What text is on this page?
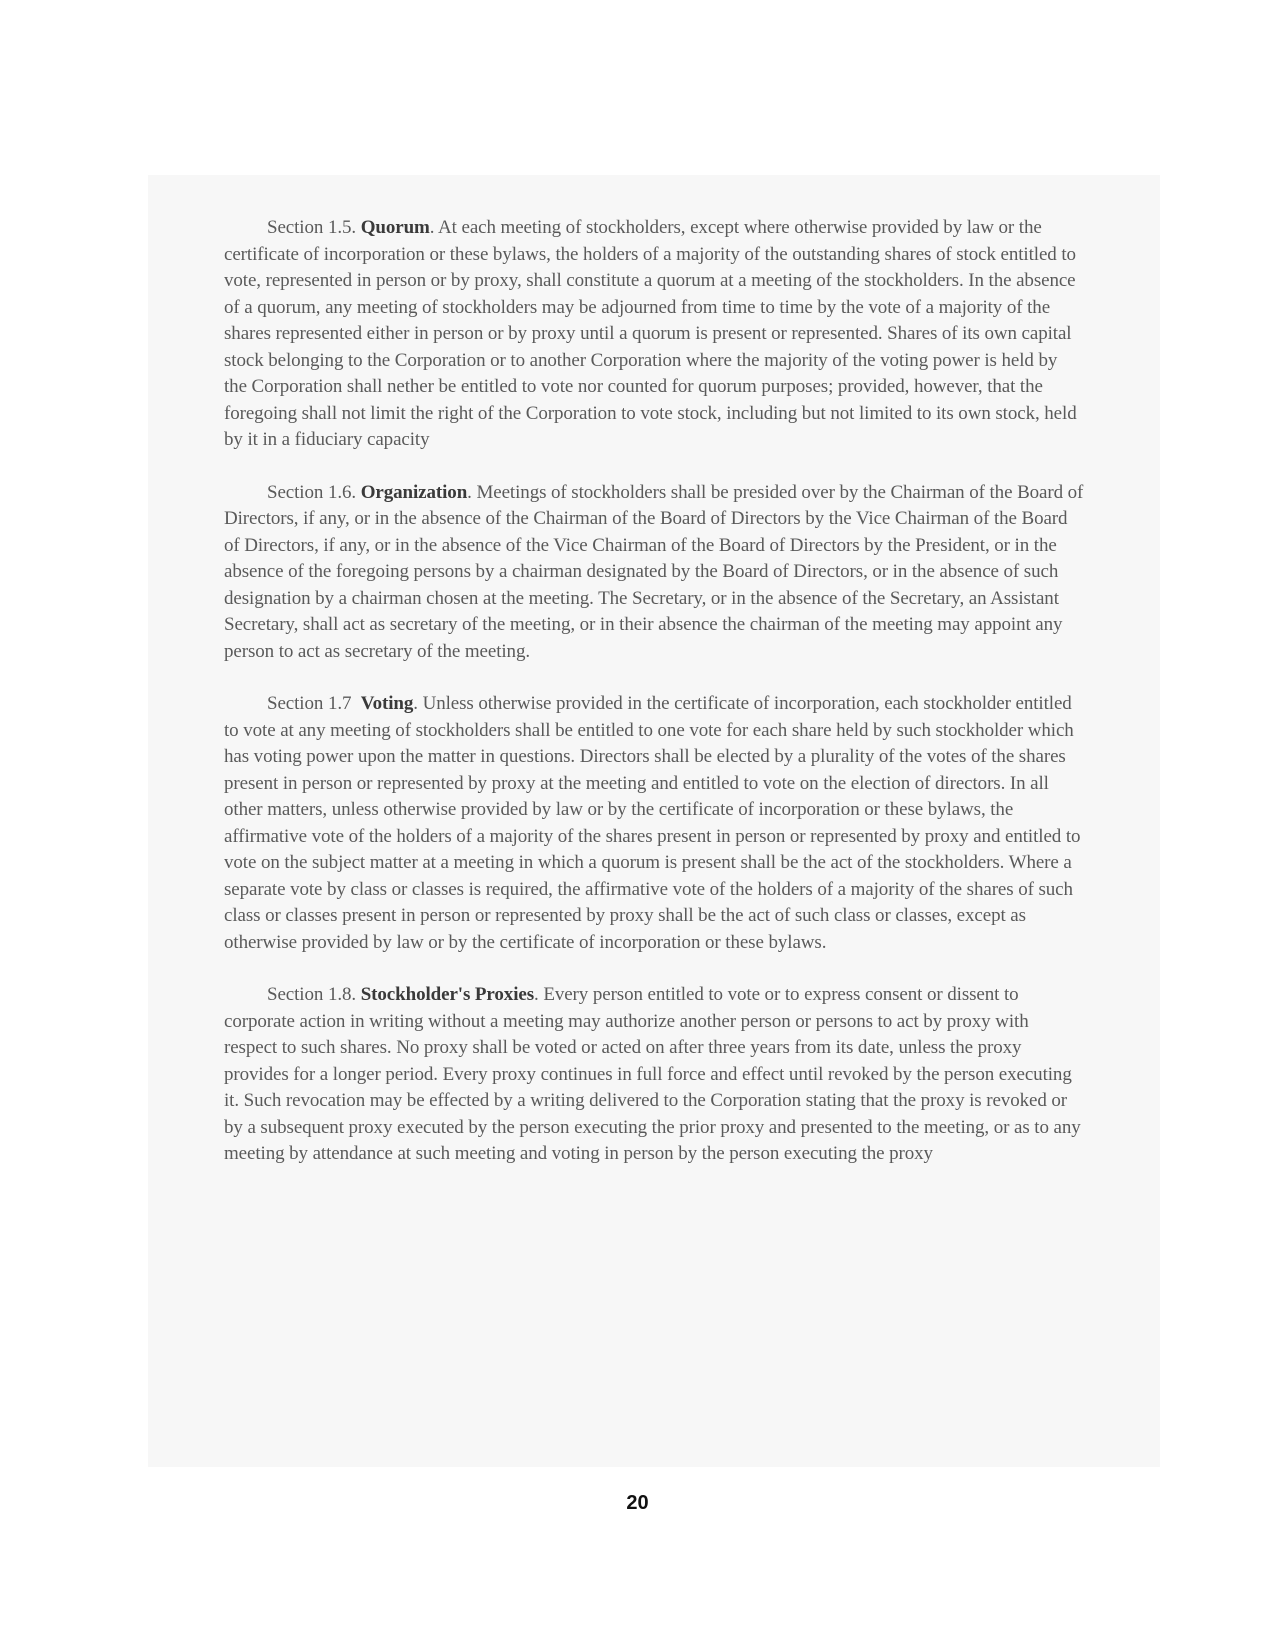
Section 1.5. Quorum. At each meeting of stockholders, except where otherwise provided by law or the certificate of incorporation or these bylaws, the holders of a majority of the outstanding shares of stock entitled to vote, represented in person or by proxy, shall constitute a quorum at a meeting of the stockholders. In the absence of a quorum, any meeting of stockholders may be adjourned from time to time by the vote of a majority of the shares represented either in person or by proxy until a quorum is present or represented. Shares of its own capital stock belonging to the Corporation or to another Corporation where the majority of the voting power is held by the Corporation shall nether be entitled to vote nor counted for quorum purposes; provided, however, that the foregoing shall not limit the right of the Corporation to vote stock, including but not limited to its own stock, held by it in a fiduciary capacity

Section 1.6. Organization. Meetings of stockholders shall be presided over by the Chairman of the Board of Directors, if any, or in the absence of the Chairman of the Board of Directors by the Vice Chairman of the Board of Directors, if any, or in the absence of the Vice Chairman of the Board of Directors by the President, or in the absence of the foregoing persons by a chairman designated by the Board of Directors, or in the absence of such designation by a chairman chosen at the meeting. The Secretary, or in the absence of the Secretary, an Assistant Secretary, shall act as secretary of the meeting, or in their absence the chairman of the meeting may appoint any person to act as secretary of the meeting.

Section 1.7 Voting. Unless otherwise provided in the certificate of incorporation, each stockholder entitled to vote at any meeting of stockholders shall be entitled to one vote for each share held by such stockholder which has voting power upon the matter in questions. Directors shall be elected by a plurality of the votes of the shares present in person or represented by proxy at the meeting and entitled to vote on the election of directors. In all other matters, unless otherwise provided by law or by the certificate of incorporation or these bylaws, the affirmative vote of the holders of a majority of the shares present in person or represented by proxy and entitled to vote on the subject matter at a meeting in which a quorum is present shall be the act of the stockholders. Where a separate vote by class or classes is required, the affirmative vote of the holders of a majority of the shares of such class or classes present in person or represented by proxy shall be the act of such class or classes, except as otherwise provided by law or by the certificate of incorporation or these bylaws.

Section 1.8. Stockholder's Proxies. Every person entitled to vote or to express consent or dissent to corporate action in writing without a meeting may authorize another person or persons to act by proxy with respect to such shares. No proxy shall be voted or acted on after three years from its date, unless the proxy provides for a longer period. Every proxy continues in full force and effect until revoked by the person executing it. Such revocation may be effected by a writing delivered to the Corporation stating that the proxy is revoked or by a subsequent proxy executed by the person executing the prior proxy and presented to the meeting, or as to any meeting by attendance at such meeting and voting in person by the person executing the proxy

20
